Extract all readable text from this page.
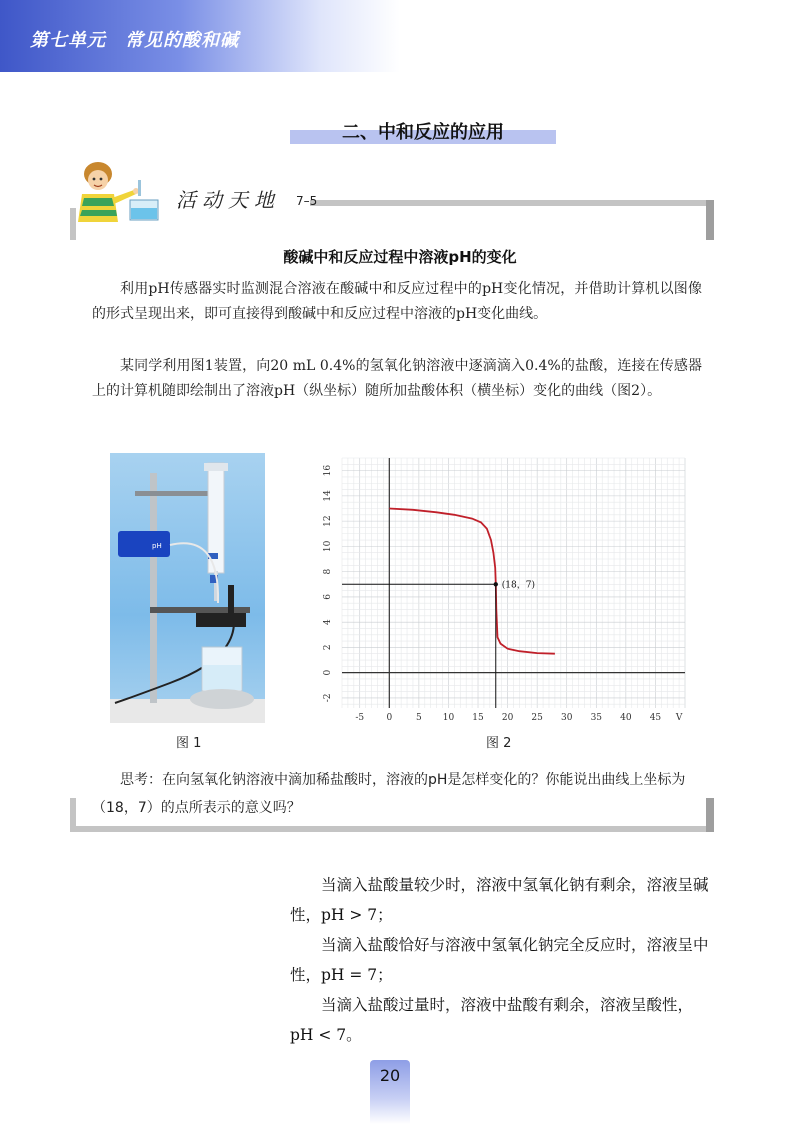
第七单元　常见的酸和碱
二、中和反应的应用
活动天地 7–5
酸碱中和反应过程中溶液pH的变化

利用pH传感器实时监测混合溶液在酸碱中和反应过程中的pH变化情况，并借助计算机以图像的形式呈现出来，即可直接得到酸碱中和反应过程中溶液的pH变化曲线。

某同学利用图1装置，向20 mL 0.4%的氢氧化钠溶液中逐滴滴入0.4%的盐酸，连接在传感器上的计算机随即绘制出了溶液pH（纵坐标）随所加盐酸体积（横坐标）变化的曲线（图2）。

pH
图 1
-5 0	5 10 15 20 25 30 35 40 45 V
-2
0
2
4
6
8
10
12
14
16
(18，7)
图 2

思考：在向氢氧化钠溶液中滴加稀盐酸时，溶液的pH是怎样变化的？你能说出曲线上坐标为（18，7）的点所表示的意义吗？

当滴入盐酸量较少时，溶液中氢氧化钠有剩余，溶液呈碱性，pH > 7；

当滴入盐酸恰好与溶液中氢氧化钠完全反应时，溶液呈中性，pH = 7；

当滴入盐酸过量时，溶液中盐酸有剩余，溶液呈酸性，pH < 7。

20
